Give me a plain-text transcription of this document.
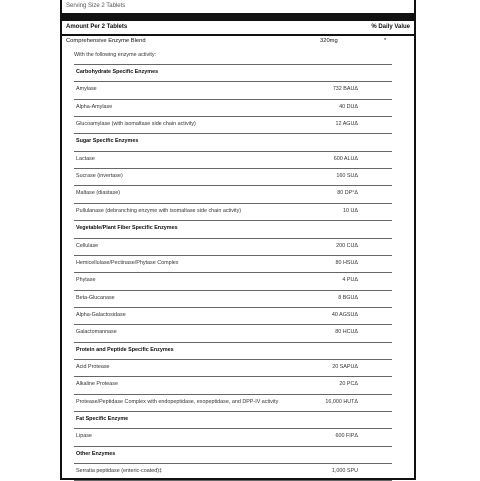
Serving Size 2 Tablets
Amount Per 2 Tablets	% Daily Value
Comprehensive Enzyme Blend	320mg	*
With the following enzyme activity:
Carbohydrate Specific Enzymes
Amylase	732 BAUΔ
Alpha-Amylase	40 DUΔ
Glucoamylase (with isomaltase side chain activity)	12 AGUΔ
Sugar Specific Enzymes
Lactase	600 ALUΔ
Sucrase (invertase)	160 SUΔ
Maltase (diastase)	80 DP°Δ
Pullulanase (debranching enzyme with isomaltase side chain activity)	10 UΔ
Vegetable/Plant Fiber Specific Enzymes
Cellulase	200 CUΔ
Hemicellulase/Pectinase/Phytase Complex	80 HSUΔ
Phytase	4 PUΔ
Beta-Glucanase	8 BGUΔ
Alpha-Galactosidase	40 AGSUΔ
Galactomannase	80 HCUΔ
Protein and Peptide Specific Enzymes
Acid Protease	20 SAPUΔ
Alkaline Protease	20 PCΔ
Protease/Peptidase Complex with endopeptidase, exopeptidase, and DPP-IV activity	16,000 HUTΔ
Fat Specific Enzyme
Lipase	600 FIPΔ
Other Enzymes
Serratia peptidase (enteric-coated)‡	1,000 SPU
